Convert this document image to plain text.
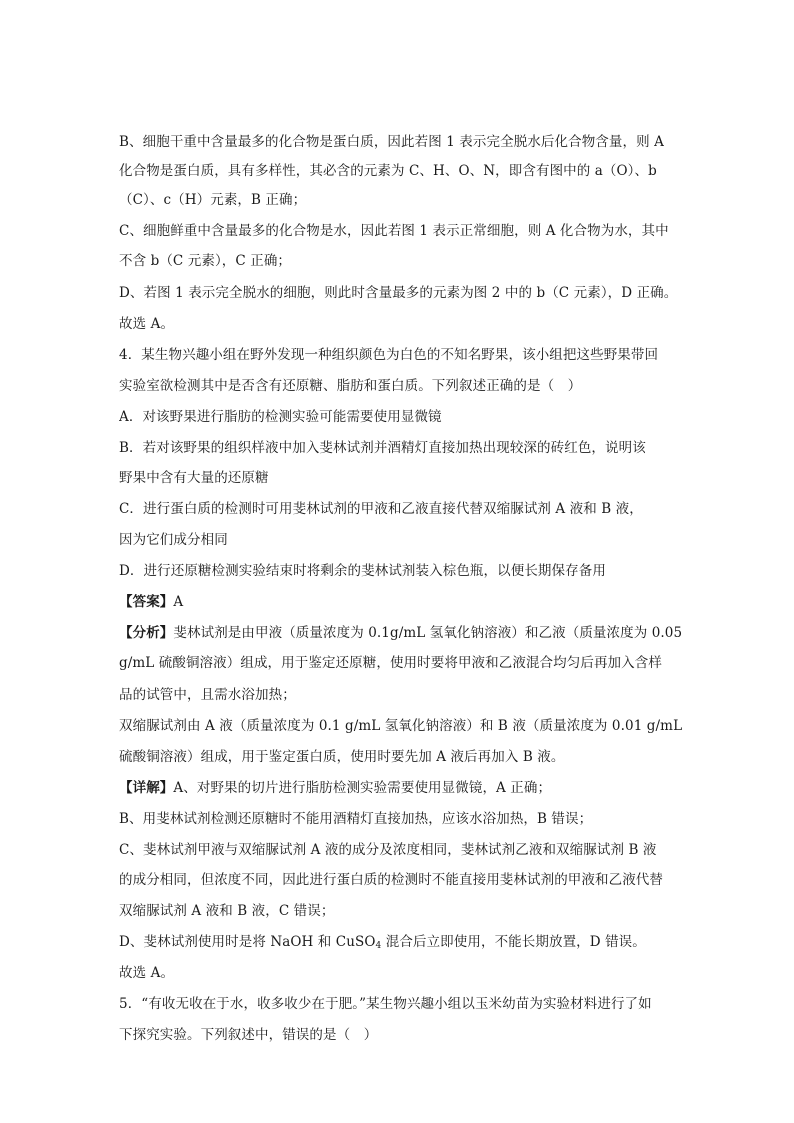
B、细胞干重中含量最多的化合物是蛋白质，因此若图 1 表示完全脱水后化合物含量，则 A
化合物是蛋白质，具有多样性，其必含的元素为 C、H、O、N，即含有图中的 a（O）、b
（C）、c（H）元素，B 正确；
C、细胞鲜重中含量最多的化合物是水，因此若图 1 表示正常细胞，则 A 化合物为水，其中
不含 b（C 元素），C 正确；
D、若图 1 表示完全脱水的细胞，则此时含量最多的元素为图 2 中的 b（C 元素），D 正确。
故选 A。
4．某生物兴趣小组在野外发现一种组织颜色为白色的不知名野果，该小组把这些野果带回
实验室欲检测其中是否含有还原糖、脂肪和蛋白质。下列叙述正确的是（　）
A．对该野果进行脂肪的检测实验可能需要使用显微镜
B．若对该野果的组织样液中加入斐林试剂并酒精灯直接加热出现较深的砖红色，说明该
野果中含有大量的还原糖
C．进行蛋白质的检测时可用斐林试剂的甲液和乙液直接代替双缩脲试剂 A 液和 B 液，
因为它们成分相同
D．进行还原糖检测实验结束时将剩余的斐林试剂装入棕色瓶，以便长期保存备用
【答案】A
【分析】斐林试剂是由甲液（质量浓度为 0.1g/mL 氢氧化钠溶液）和乙液（质量浓度为 0.05
g/mL 硫酸铜溶液）组成，用于鉴定还原糖，使用时要将甲液和乙液混合均匀后再加入含样
品的试管中，且需水浴加热；
双缩脲试剂由 A 液（质量浓度为 0.1 g/mL 氢氧化钠溶液）和 B 液（质量浓度为 0.01 g/mL
硫酸铜溶液）组成，用于鉴定蛋白质，使用时要先加 A 液后再加入 B 液。
【详解】A、对野果的切片进行脂肪检测实验需要使用显微镜，A 正确；
B、用斐林试剂检测还原糖时不能用酒精灯直接加热，应该水浴加热，B 错误；
C、斐林试剂甲液与双缩脲试剂 A 液的成分及浓度相同，斐林试剂乙液和双缩脲试剂 B 液
的成分相同，但浓度不同，因此进行蛋白质的检测时不能直接用斐林试剂的甲液和乙液代替
双缩脲试剂 A 液和 B 液，C 错误；
D、斐林试剂使用时是将 NaOH 和 CuSO$_4$ 混合后立即使用，不能长期放置，D 错误。
故选 A。
5．“有收无收在于水，收多收少在于肥。”某生物兴趣小组以玉米幼苗为实验材料进行了如
下探究实验。下列叙述中，错误的是（　）
